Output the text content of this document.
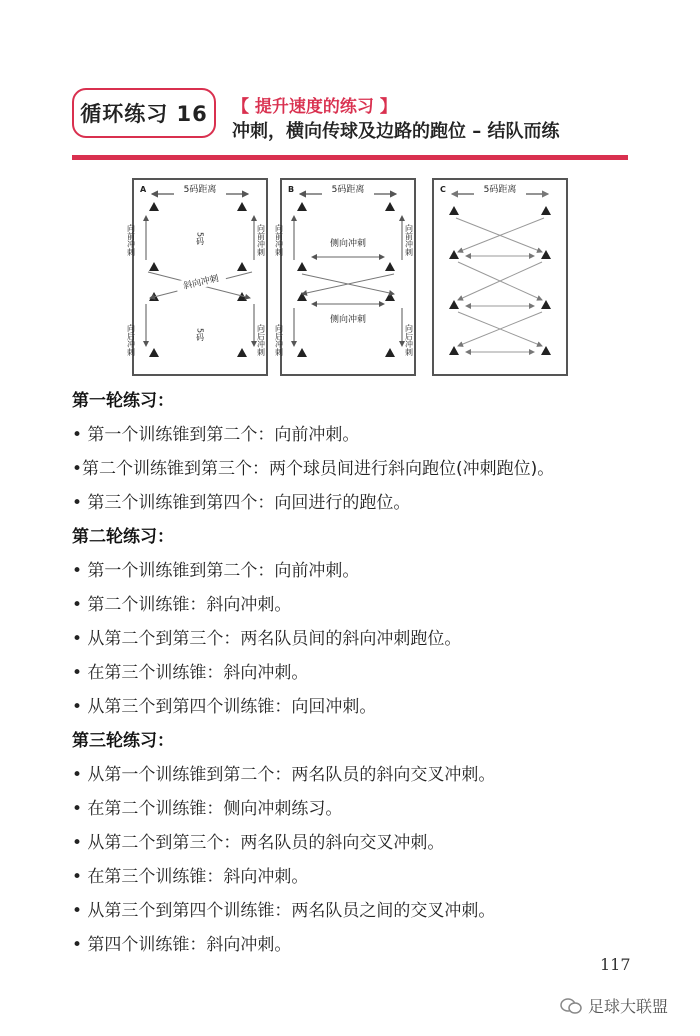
循环练习 16	【 提升速度的练习 】
冲刺，横向传球及边路的跑位 – 结队而练
A	5码距离
向前冲刺	向前冲刺
5码
斜向冲刺
5码
向后冲刺	向后冲刺
B	5码距离
向前冲刺	向前冲刺
侧向冲刺
侧向冲刺
向后冲刺	向后冲刺
C	5码距离

第一轮练习：

• 第一个训练锥到第二个：向前冲刺。

•第二个训练锥到第三个：两个球员间进行斜向跑位(冲刺跑位)。

• 第三个训练锥到第四个：向回进行的跑位。

第二轮练习：

• 第一个训练锥到第二个：向前冲刺。

• 第二个训练锥：斜向冲刺。

• 从第二个到第三个：两名队员间的斜向冲刺跑位。

• 在第三个训练锥：斜向冲刺。

• 从第三个到第四个训练锥：向回冲刺。

第三轮练习：

• 从第一个训练锥到第二个：两名队员的斜向交叉冲刺。

• 在第二个训练锥：侧向冲刺练习。

• 从第二个到第三个：两名队员的斜向交叉冲刺。

• 在第三个训练锥：斜向冲刺。

• 从第三个到第四个训练锥：两名队员之间的交叉冲刺。

• 第四个训练锥：斜向冲刺。

117
足球大联盟
